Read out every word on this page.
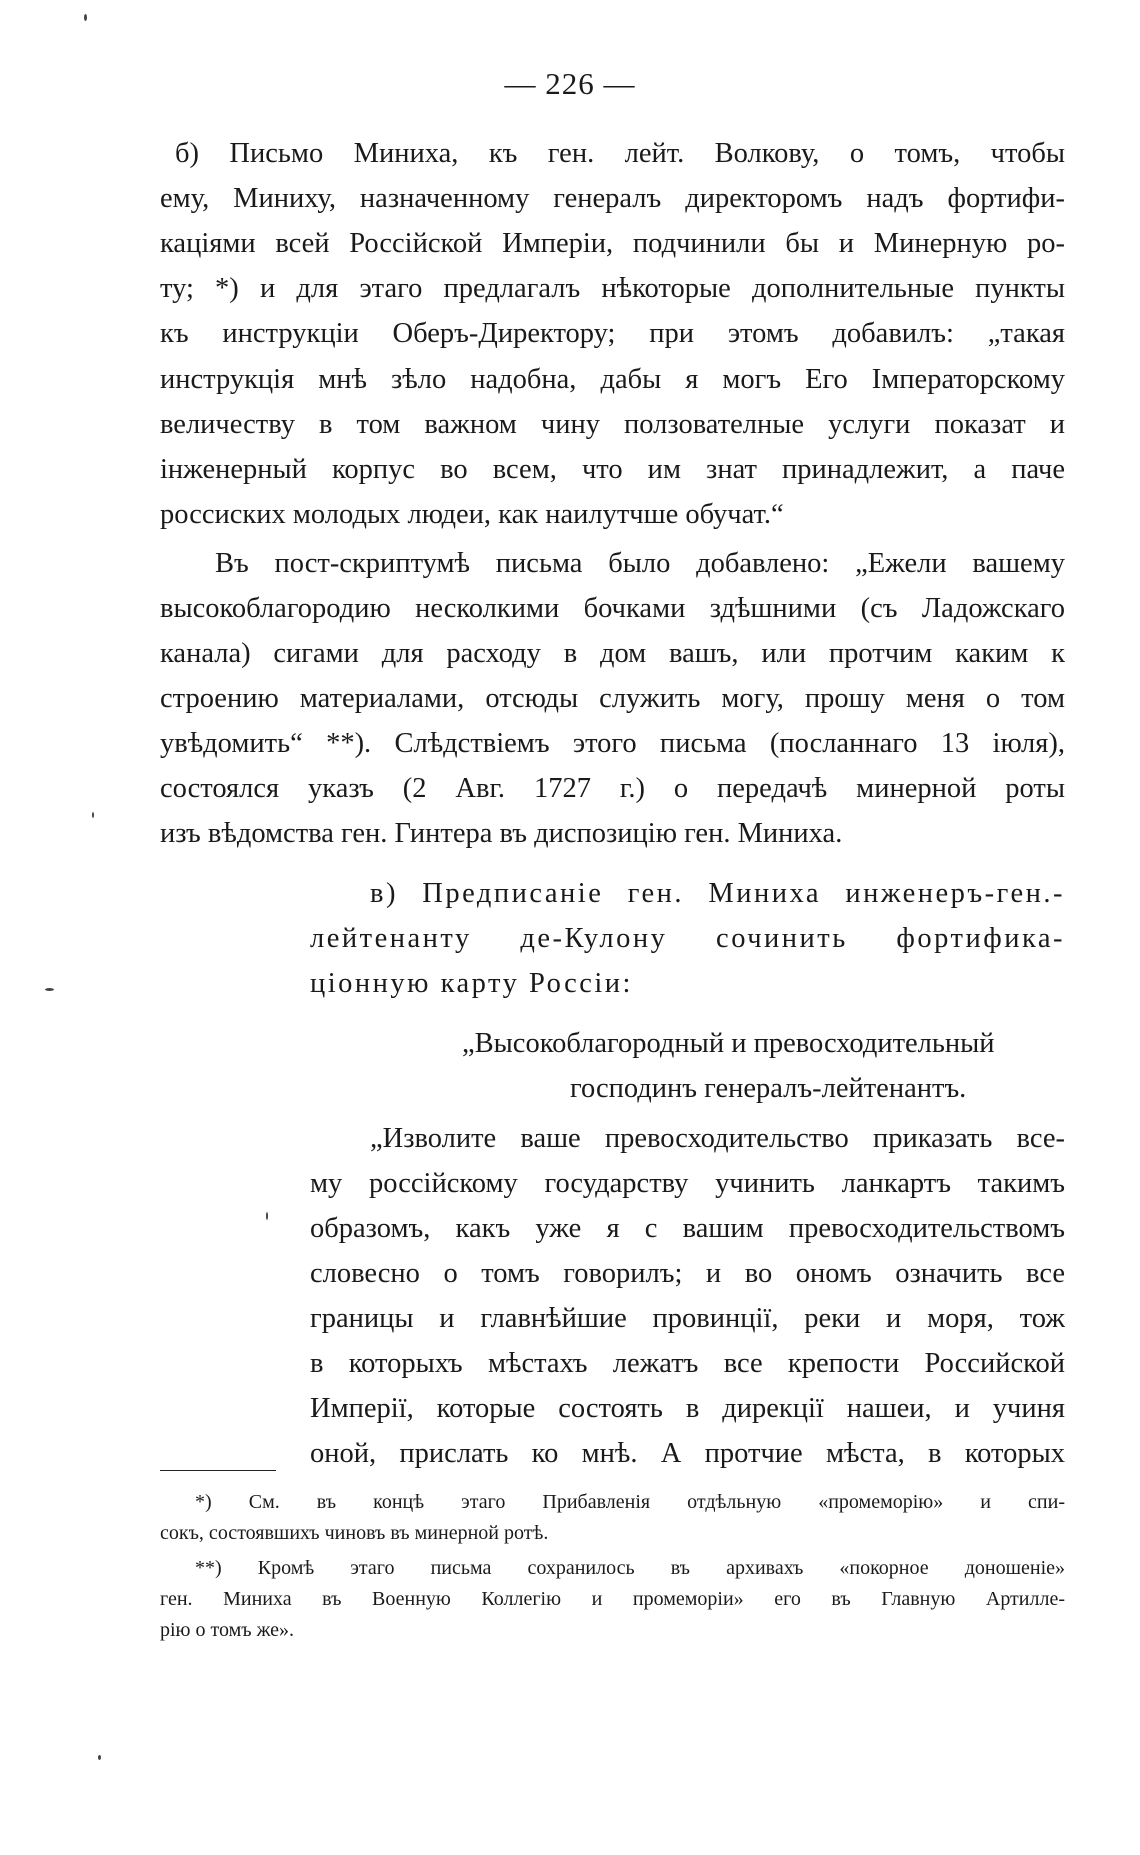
— 226 —
б) Письмо Миниха, къ ген. лейт. Волкову, о томъ, чтобы
ему, Миниху, назначенному генералъ директоромъ надъ фортифи-
каціями всей Россійской Имперіи, подчинили бы и Минерную ро-
ту; *) и для этаго предлагалъ нѣкоторые дополнительные пункты
къ инструкціи Оберъ-Директору; при этомъ добавилъ: „такая
инструкція мнѣ зѣло надобна, дабы я могъ Его Імператорскому
величеству в том важном чину ползователные услуги показат и
інженерный корпус во всем, что им знат принадлежит, а паче
россиских молодых людеи, как наилутчше обучат.“
Въ пост-скриптумѣ письма было добавлено: „Ежели вашему
высокоблагородию несколкими бочками здѣшними (съ Ладожскаго
канала) сигами для расходу в дом вашъ, или протчим каким к
строению материалами, отсюды служить могу, прошу меня о том
увѣдомить“ **). Слѣдствіемъ этого письма (посланнаго 13 іюля),
состоялся указъ (2 Авг. 1727 г.) о передачѣ минерной роты
изъ вѣдомства ген. Гинтера въ диспозицію ген. Миниха.
в) Предписаніе ген. Миниха инженеръ-ген.-
лейтенанту де-Кулону сочинить фортифика-
ціонную карту Россіи:
„Высокоблагородный и превосходительный
господинъ генералъ-лейтенантъ.
„Изволите ваше превосходительство приказать все-
му россійскому государству учинить ланкартъ такимъ
образомъ, какъ уже я с вашим превосходительствомъ
словесно о томъ говорилъ; и во ономъ означить все
границы и главнѣйшие провинції, реки и моря, тож
в которыхъ мѣстахъ лежатъ все крепости Российской
Имперії, которые состоять в дирекції нашеи, и учиня
оной, прислать ко мнѣ. А протчие мѣста, в которых
*) См. въ концѣ этаго Прибавленія отдѣльную «промеморію» и спи-
сокъ, состоявшихъ чиновъ въ минерной ротѣ.
**) Кромѣ этаго письма сохранилось въ архивахъ «покорное доношеніе»
ген. Миниха въ Военную Коллегію и промеморіи» его въ Главную Артилле-
рію о томъ же».
